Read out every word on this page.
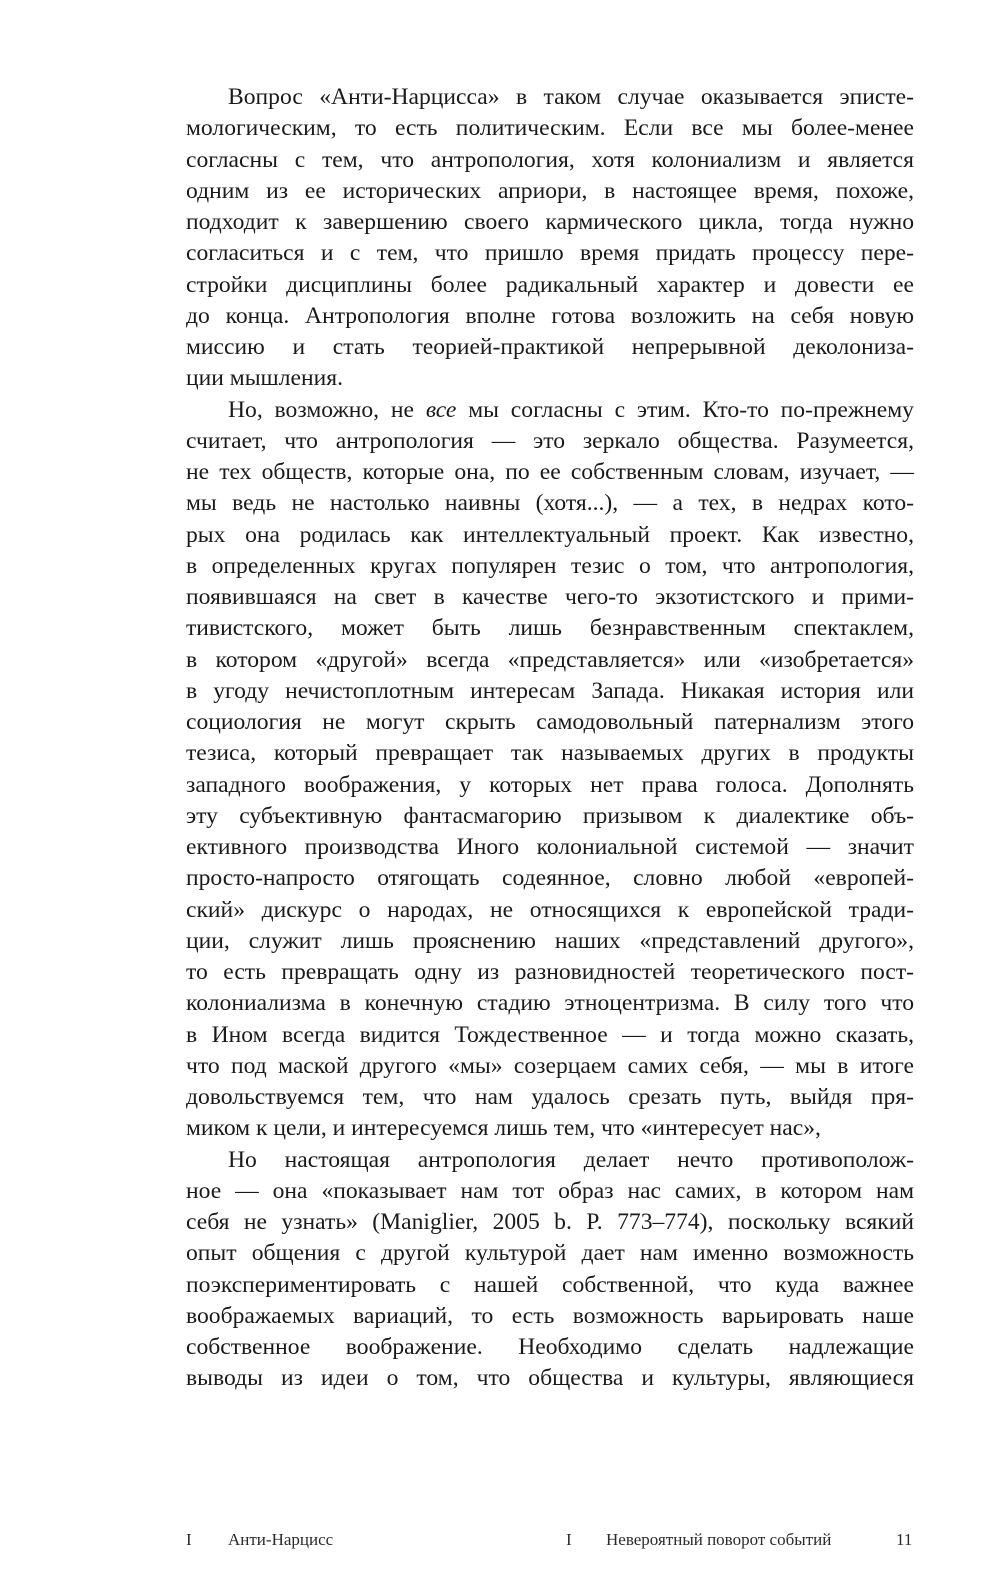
Вопрос «Анти-Нарцисса» в таком случае оказывается эписте-
мологическим, то есть политическим. Если все мы более-менее
согласны с тем, что антропология, хотя колониализм и является
одним из ее исторических априори, в настоящее время, похоже,
подходит к завершению своего кармического цикла, тогда нужно
согласиться и с тем, что пришло время придать процессу пере-
стройки дисциплины более радикальный характер и довести ее
до конца. Антропология вполне готова возложить на себя новую
миссию и стать теорией-практикой непрерывной деколониза-
ции мышления.
Но, возможно, не все мы согласны с этим. Кто-то по-прежнему
считает, что антропология — это зеркало общества. Разумеется,
не тех обществ, которые она, по ее собственным словам, изучает, —
мы ведь не настолько наивны (хотя...), — а тех, в недрах кото-
рых она родилась как интеллектуальный проект. Как известно,
в определенных кругах популярен тезис о том, что антропология,
появившаяся на свет в качестве чего-то экзотистского и прими-
тивистского, может быть лишь безнравственным спектаклем,
в котором «другой» всегда «представляется» или «изобретается»
в угоду нечистоплотным интересам Запада. Никакая история или
социология не могут скрыть самодовольный патернализм этого
тезиса, который превращает так называемых других в продукты
западного воображения, у которых нет права голоса. Дополнять
эту субъективную фантасмагорию призывом к диалектике объ-
ективного производства Иного колониальной системой — значит
просто-напросто отягощать содеянное, словно любой «европей-
ский» дискурс о народах, не относящихся к европейской тради-
ции, служит лишь прояснению наших «представлений другого»,
то есть превращать одну из разновидностей теоретического пост-
колониализма в конечную стадию этноцентризма. В силу того что
в Ином всегда видится Тождественное — и тогда можно сказать,
что под маской другого «мы» созерцаем самих себя, — мы в итоге
довольствуемся тем, что нам удалось срезать путь, выйдя пря-
миком к цели, и интересуемся лишь тем, что «интересует нас»,
Но настоящая антропология делает нечто противополож-
ное — она «показывает нам тот образ нас самих, в котором нам
себя не узнать» (Maniglier, 2005 b. P. 773–774), поскольку всякий
опыт общения с другой культурой дает нам именно возможность
поэкспериментировать с нашей собственной, что куда важнее
воображаемых вариаций, то есть возможность варьировать наше
собственное воображение. Необходимо сделать надлежащие
выводы из идеи о том, что общества и культуры, являющиеся
I Анти-Нарцисс	I Невероятный поворот событий	11
